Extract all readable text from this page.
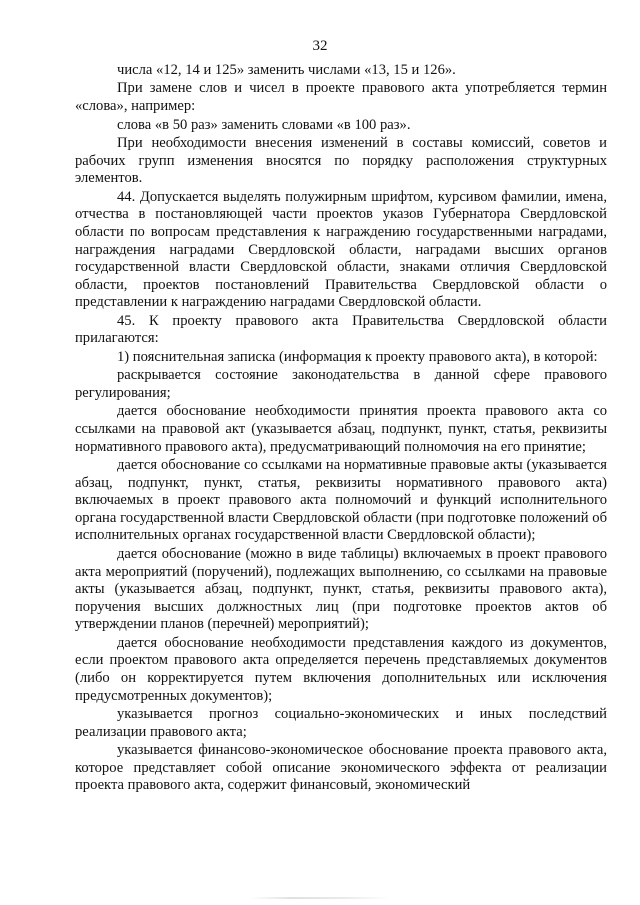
32

числа «12, 14 и 125» заменить числами «13, 15 и 126».

При замене слов и чисел в проекте правового акта употребляется термин «слова», например:

слова «в 50 раз» заменить словами «в 100 раз».

При необходимости внесения изменений в составы комиссий, советов и рабочих групп изменения вносятся по порядку расположения структурных элементов.

44. Допускается выделять полужирным шрифтом, курсивом фамилии, имена, отчества в постановляющей части проектов указов Губернатора Свердловской области по вопросам представления к награждению государственными наградами, награждения наградами Свердловской области, наградами высших органов государственной власти Свердловской области, знаками отличия Свердловской области, проектов постановлений Правительства Свердловской области о представлении к награждению наградами Свердловской области.

45. К проекту правового акта Правительства Свердловской области прилагаются:

1) пояснительная записка (информация к проекту правового акта), в которой:

раскрывается состояние законодательства в данной сфере правового регулирования;

дается обоснование необходимости принятия проекта правового акта со ссылками на правовой акт (указывается абзац, подпункт, пункт, статья, реквизиты нормативного правового акта), предусматривающий полномочия на его принятие;

дается обоснование со ссылками на нормативные правовые акты (указывается абзац, подпункт, пункт, статья, реквизиты нормативного правового акта) включаемых в проект правового акта полномочий и функций исполнительного органа государственной власти Свердловской области (при подготовке положений об исполнительных органах государственной власти Свердловской области);

дается обоснование (можно в виде таблицы) включаемых в проект правового акта мероприятий (поручений), подлежащих выполнению, со ссылками на правовые акты (указывается абзац, подпункт, пункт, статья, реквизиты правового акта), поручения высших должностных лиц (при подготовке проектов актов об утверждении планов (перечней) мероприятий);

дается обоснование необходимости представления каждого из документов, если проектом правового акта определяется перечень представляемых документов (либо он корректируется путем включения дополнительных или исключения предусмотренных документов);

указывается прогноз социально-экономических и иных последствий реализации правового акта;

указывается финансово-экономическое обоснование проекта правового акта, которое представляет собой описание экономического эффекта от реализации проекта правового акта, содержит финансовый, экономический
